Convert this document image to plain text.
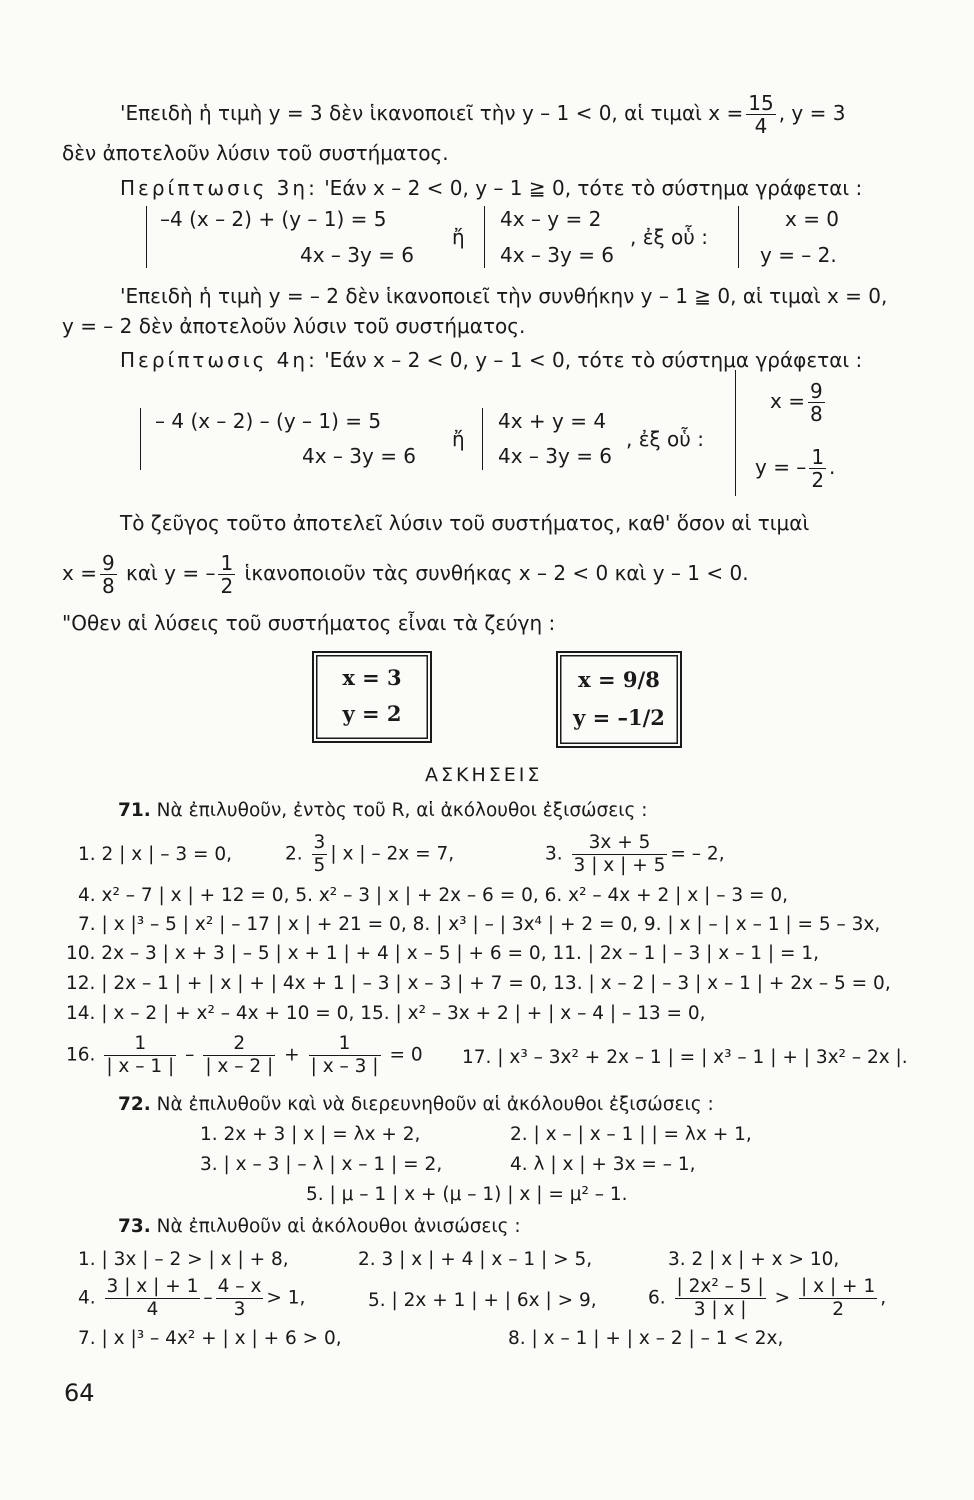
'Επειδὴ ἡ τιμὴ y = 3 δὲν ἱκανοποιεῖ τὴν y – 1 < 0, αἱ τιμαὶ $x = \frac{15}{4}$ , y = 3
δὲν ἀποτελοῦν λύσιν τοῦ συστήματος.
Περίπτωσις 3η: 'Εάν x – 2 < 0, y – 1 ≧ 0, τότε τὸ σύστημα γράφεται :
–4 (x – 2) + (y – 1) = 5
4x – 3y = 6
ἤ
4x – y = 2
4x – 3y = 6
, ἐξ οὗ :
x = 0
y = – 2.
'Επειδὴ ἡ τιμὴ y = – 2 δὲν ἱκανοποιεῖ τὴν συνθήκην y – 1 ≧ 0, αἱ τιμαὶ x = 0,
y = – 2 δὲν ἀποτελοῦν λύσιν τοῦ συστήματος.
Περίπτωσις 4η: 'Εάν x – 2 < 0, y – 1 < 0, τότε τὸ σύστημα γράφεται :
– 4 (x – 2) – (y – 1) = 5
4x – 3y = 6
ἤ
4x + y = 4
4x – 3y = 6
, ἐξ οὗ :
$x = \frac{9}{8}$
y = – $\frac{1}{2}$ .
Τὸ ζεῦγος τοῦτο ἀποτελεῖ λύσιν τοῦ συστήματος, καθ' ὅσον αἱ τιμαὶ
$x = \frac{9}{8}$ καὶ y = – $\frac{1}{2}$ ἱκανοποιοῦν τὰς συνθήκας x – 2 < 0 καὶ y – 1 < 0.
"Οθεν αἱ λύσεις τοῦ συστήματος εἶναι τὰ ζεύγη :
x = 3
y = 2
x = 9/8
y = –1/2
ΑΣΚΗΣΕΙΣ
71. Νὰ ἐπιλυθοῦν, ἐντὸς τοῦ R, αἱ ἀκόλουθοι ἐξισώσεις :
1. 2 | x | – 3 = 0,	2. $\frac{3}{5}$ | x | – 2x = 7,	3. $\frac{3x + 5}{3 | x | + 5}$ = – 2,
4. x² – 7 | x | + 12 = 0, 5. x² – 3 | x | + 2x – 6 = 0, 6. x² – 4x + 2 | x | – 3 = 0,
7. | x |³ – 5 | x² | – 17 | x | + 21 = 0, 8. | x³ | – | 3x⁴ | + 2 = 0, 9. | x | – | x – 1 | = 5 – 3x,
10. 2x – 3 | x + 3 | – 5 | x + 1 | + 4 | x – 5 | + 6 = 0, 11. | 2x – 1 | – 3 | x – 1 | = 1,
12. | 2x – 1 | + | x | + | 4x + 1 | – 3 | x – 3 | + 7 = 0, 13. | x – 2 | – 3 | x – 1 | + 2x – 5 = 0,
14. | x – 2 | + x² – 4x + 10 = 0, 15. | x² – 3x + 2 | + | x – 4 | – 13 = 0,
16. $\frac{1}{| x - 1 |} - \frac{2}{| x - 2 |} + \frac{1}{| x - 3 |} = 0$ 17. | x³ – 3x² + 2x – 1 | = | x³ – 1 | + | 3x² – 2x |.
72. Νὰ ἐπιλυθοῦν καὶ νὰ διερευνηθοῦν αἱ ἀκόλουθοι ἐξισώσεις :
1. 2x + 3 | x | = λx + 2,	2. | x – | x – 1 | | = λx + 1,
3. | x – 3 | – λ | x – 1 | = 2,	4. λ | x | + 3x = – 1,
5. | μ – 1 | x + (μ – 1) | x | = μ² – 1.
73. Νὰ ἐπιλυθοῦν αἱ ἀκόλουθοι ἀνισώσεις :
1. | 3x | – 2 > | x | + 8,	2. 3 | x | + 4 | x – 1 | > 5,	3. 2 | x | + x > 10,
4. $\frac{3 | x | + 1}{4} - \frac{4 - x}{3} > 1$,	5. | 2x + 1 | + | 6x | > 9,	6. $\frac{\text{| 2x² – 5 |}}{3 | x |} > \frac{| x | + 1}{2}$ ,
7. | x |³ – 4x² + | x | + 6 > 0,	8. | x – 1 | + | x – 2 | – 1 < 2x,
64
